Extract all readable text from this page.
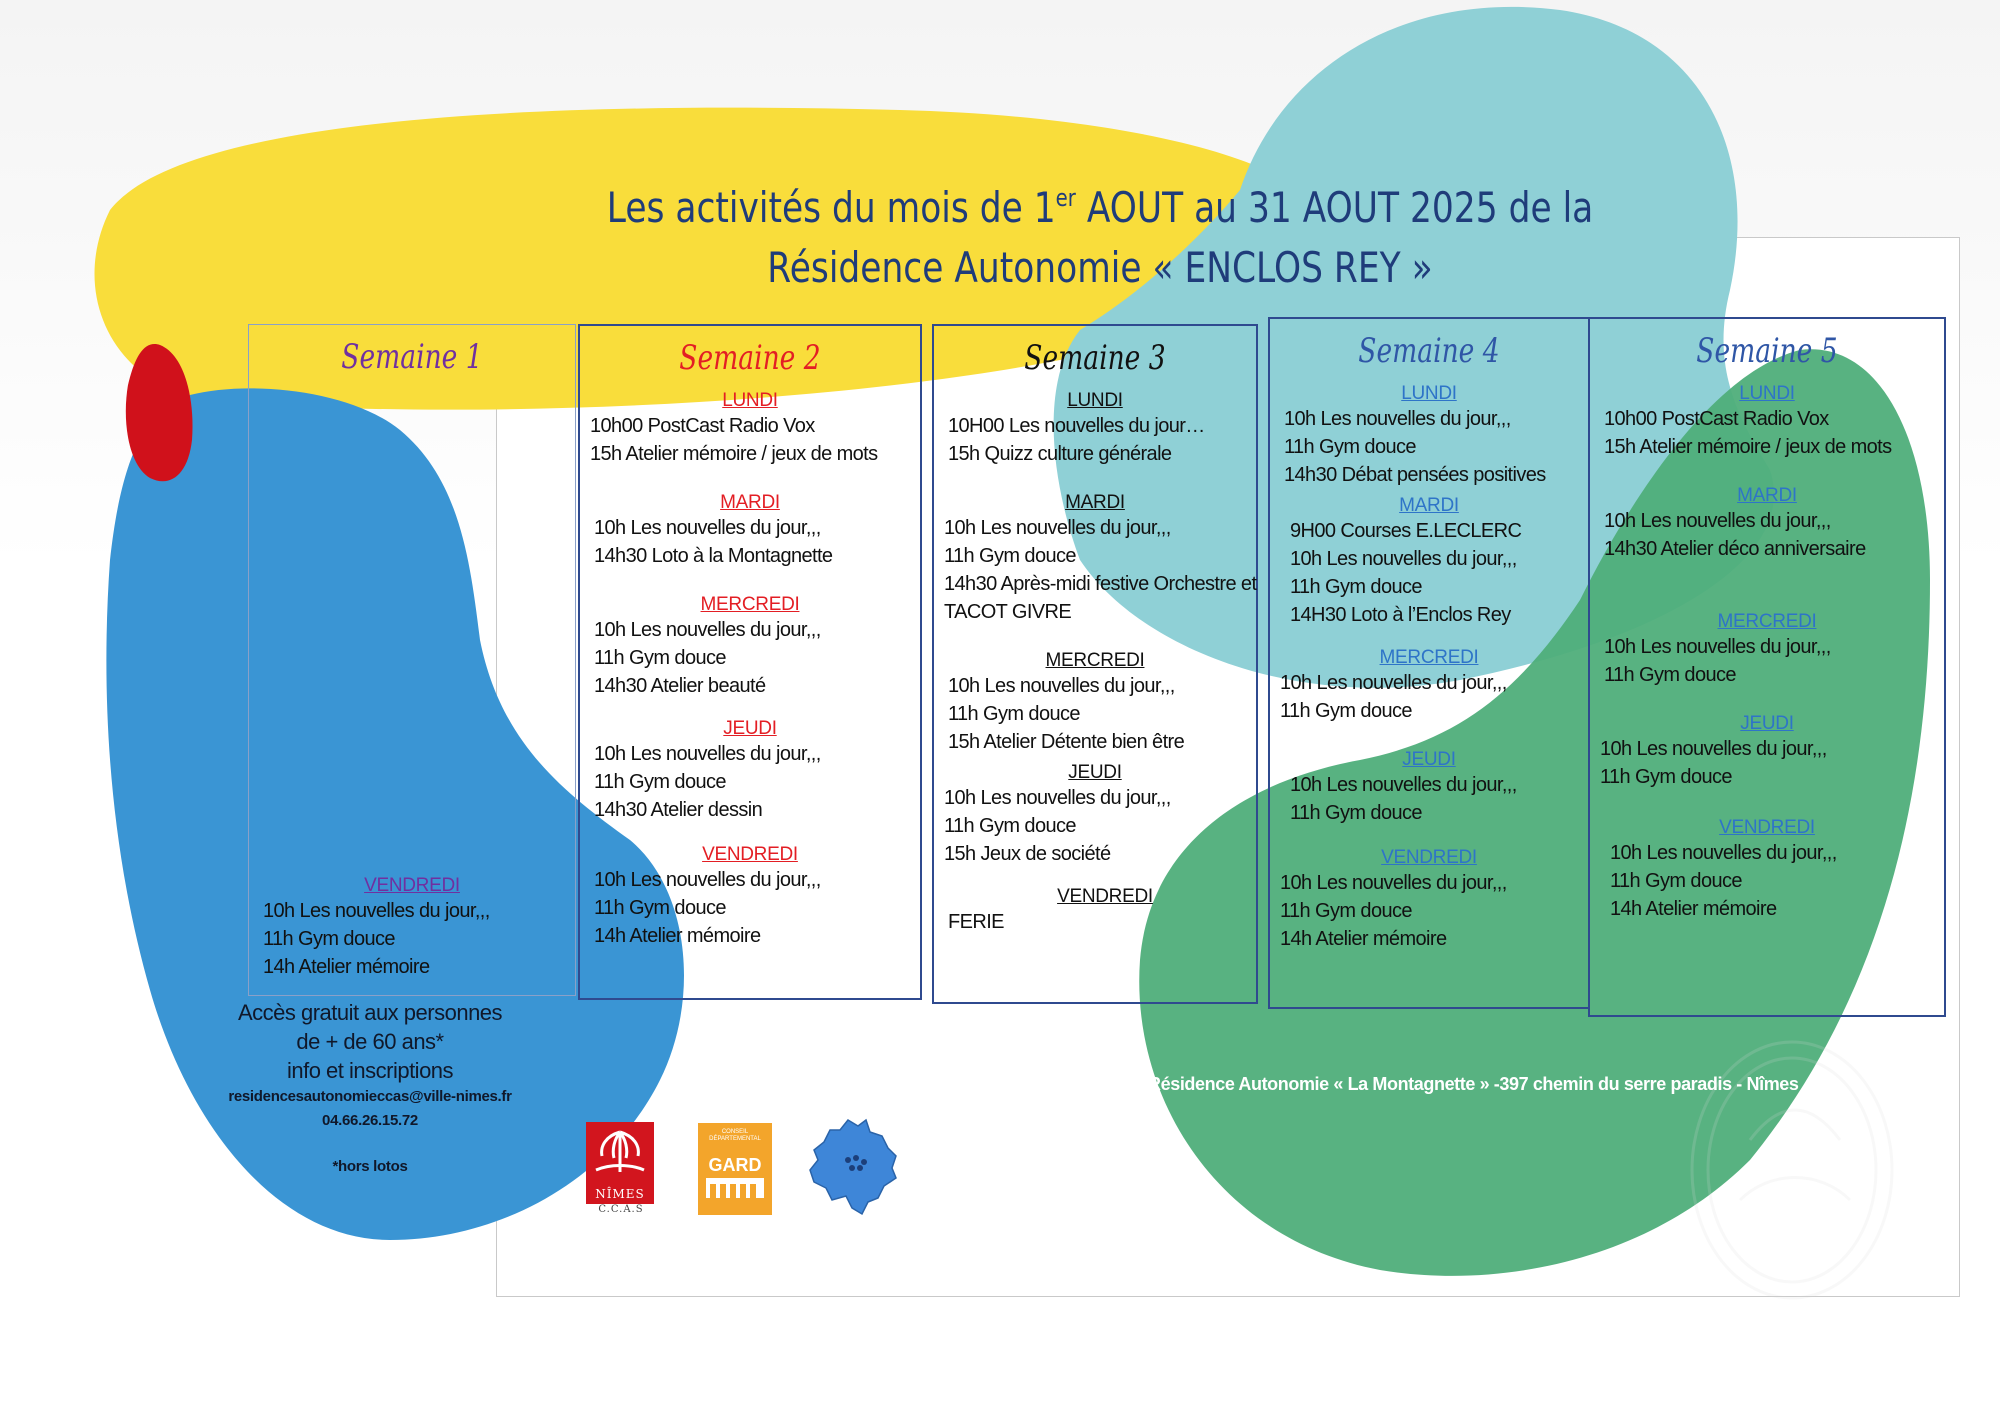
Les activités du mois de 1er AOUT au 31 AOUT 2025 de la
Résidence Autonomie « ENCLOS REY »
Semaine 1
VENDREDI
10h Les nouvelles du jour,,,
11h Gym douce
14h Atelier mémoire
Semaine 2
LUNDI
10h00 PostCast Radio Vox
15h Atelier mémoire / jeux de mots
MARDI
10h Les nouvelles du jour,,,
14h30 Loto à la Montagnette
MERCREDI
10h Les nouvelles du jour,,,
11h Gym douce
14h30 Atelier beauté
JEUDI
10h Les nouvelles du jour,,,
11h Gym douce
14h30 Atelier dessin
VENDREDI
10h Les nouvelles du jour,,,
11h Gym douce
14h Atelier mémoire
Semaine 3
LUNDI
10H00 Les nouvelles du jour…
15h Quizz culture générale
MARDI
10h Les nouvelles du jour,,,
11h Gym douce
14h30 Après-midi festive Orchestre et
TACOT GIVRE
MERCREDI
10h Les nouvelles du jour,,,
11h Gym douce
15h Atelier Détente bien être
JEUDI
10h Les nouvelles du jour,,,
11h Gym douce
15h Jeux de société
VENDREDI
FERIE
Semaine 4
LUNDI
10h Les nouvelles du jour,,,
11h Gym douce
14h30 Débat pensées positives
MARDI
9H00 Courses E.LECLERC
10h Les nouvelles du jour,,,
11h Gym douce
14H30 Loto à l’Enclos Rey
MERCREDI
10h Les nouvelles du jour,,,
11h Gym douce
JEUDI
10h Les nouvelles du jour,,,
11h Gym douce
VENDREDI
10h Les nouvelles du jour,,,
11h Gym douce
14h Atelier mémoire
Semaine 5
LUNDI
10h00 PostCast Radio Vox
15h Atelier mémoire / jeux de mots
MARDI
10h Les nouvelles du jour,,,
14h30 Atelier déco anniversaire
MERCREDI
10h Les nouvelles du jour,,,
11h Gym douce
JEUDI
10h Les nouvelles du jour,,,
11h Gym douce
VENDREDI
10h Les nouvelles du jour,,,
11h Gym douce
14h Atelier mémoire
Accès gratuit aux personnes
de + de 60 ans*
info et inscriptions
residencesautonomieccas@ville-nimes.fr
04.66.26.15.72
*hors lotos
Résidence Autonomie « La Montagnette » -397 chemin du serre paradis - Nîmes
NÎMES
C.C.A.S
CONSEIL DÉPARTEMENTAL
GARD
